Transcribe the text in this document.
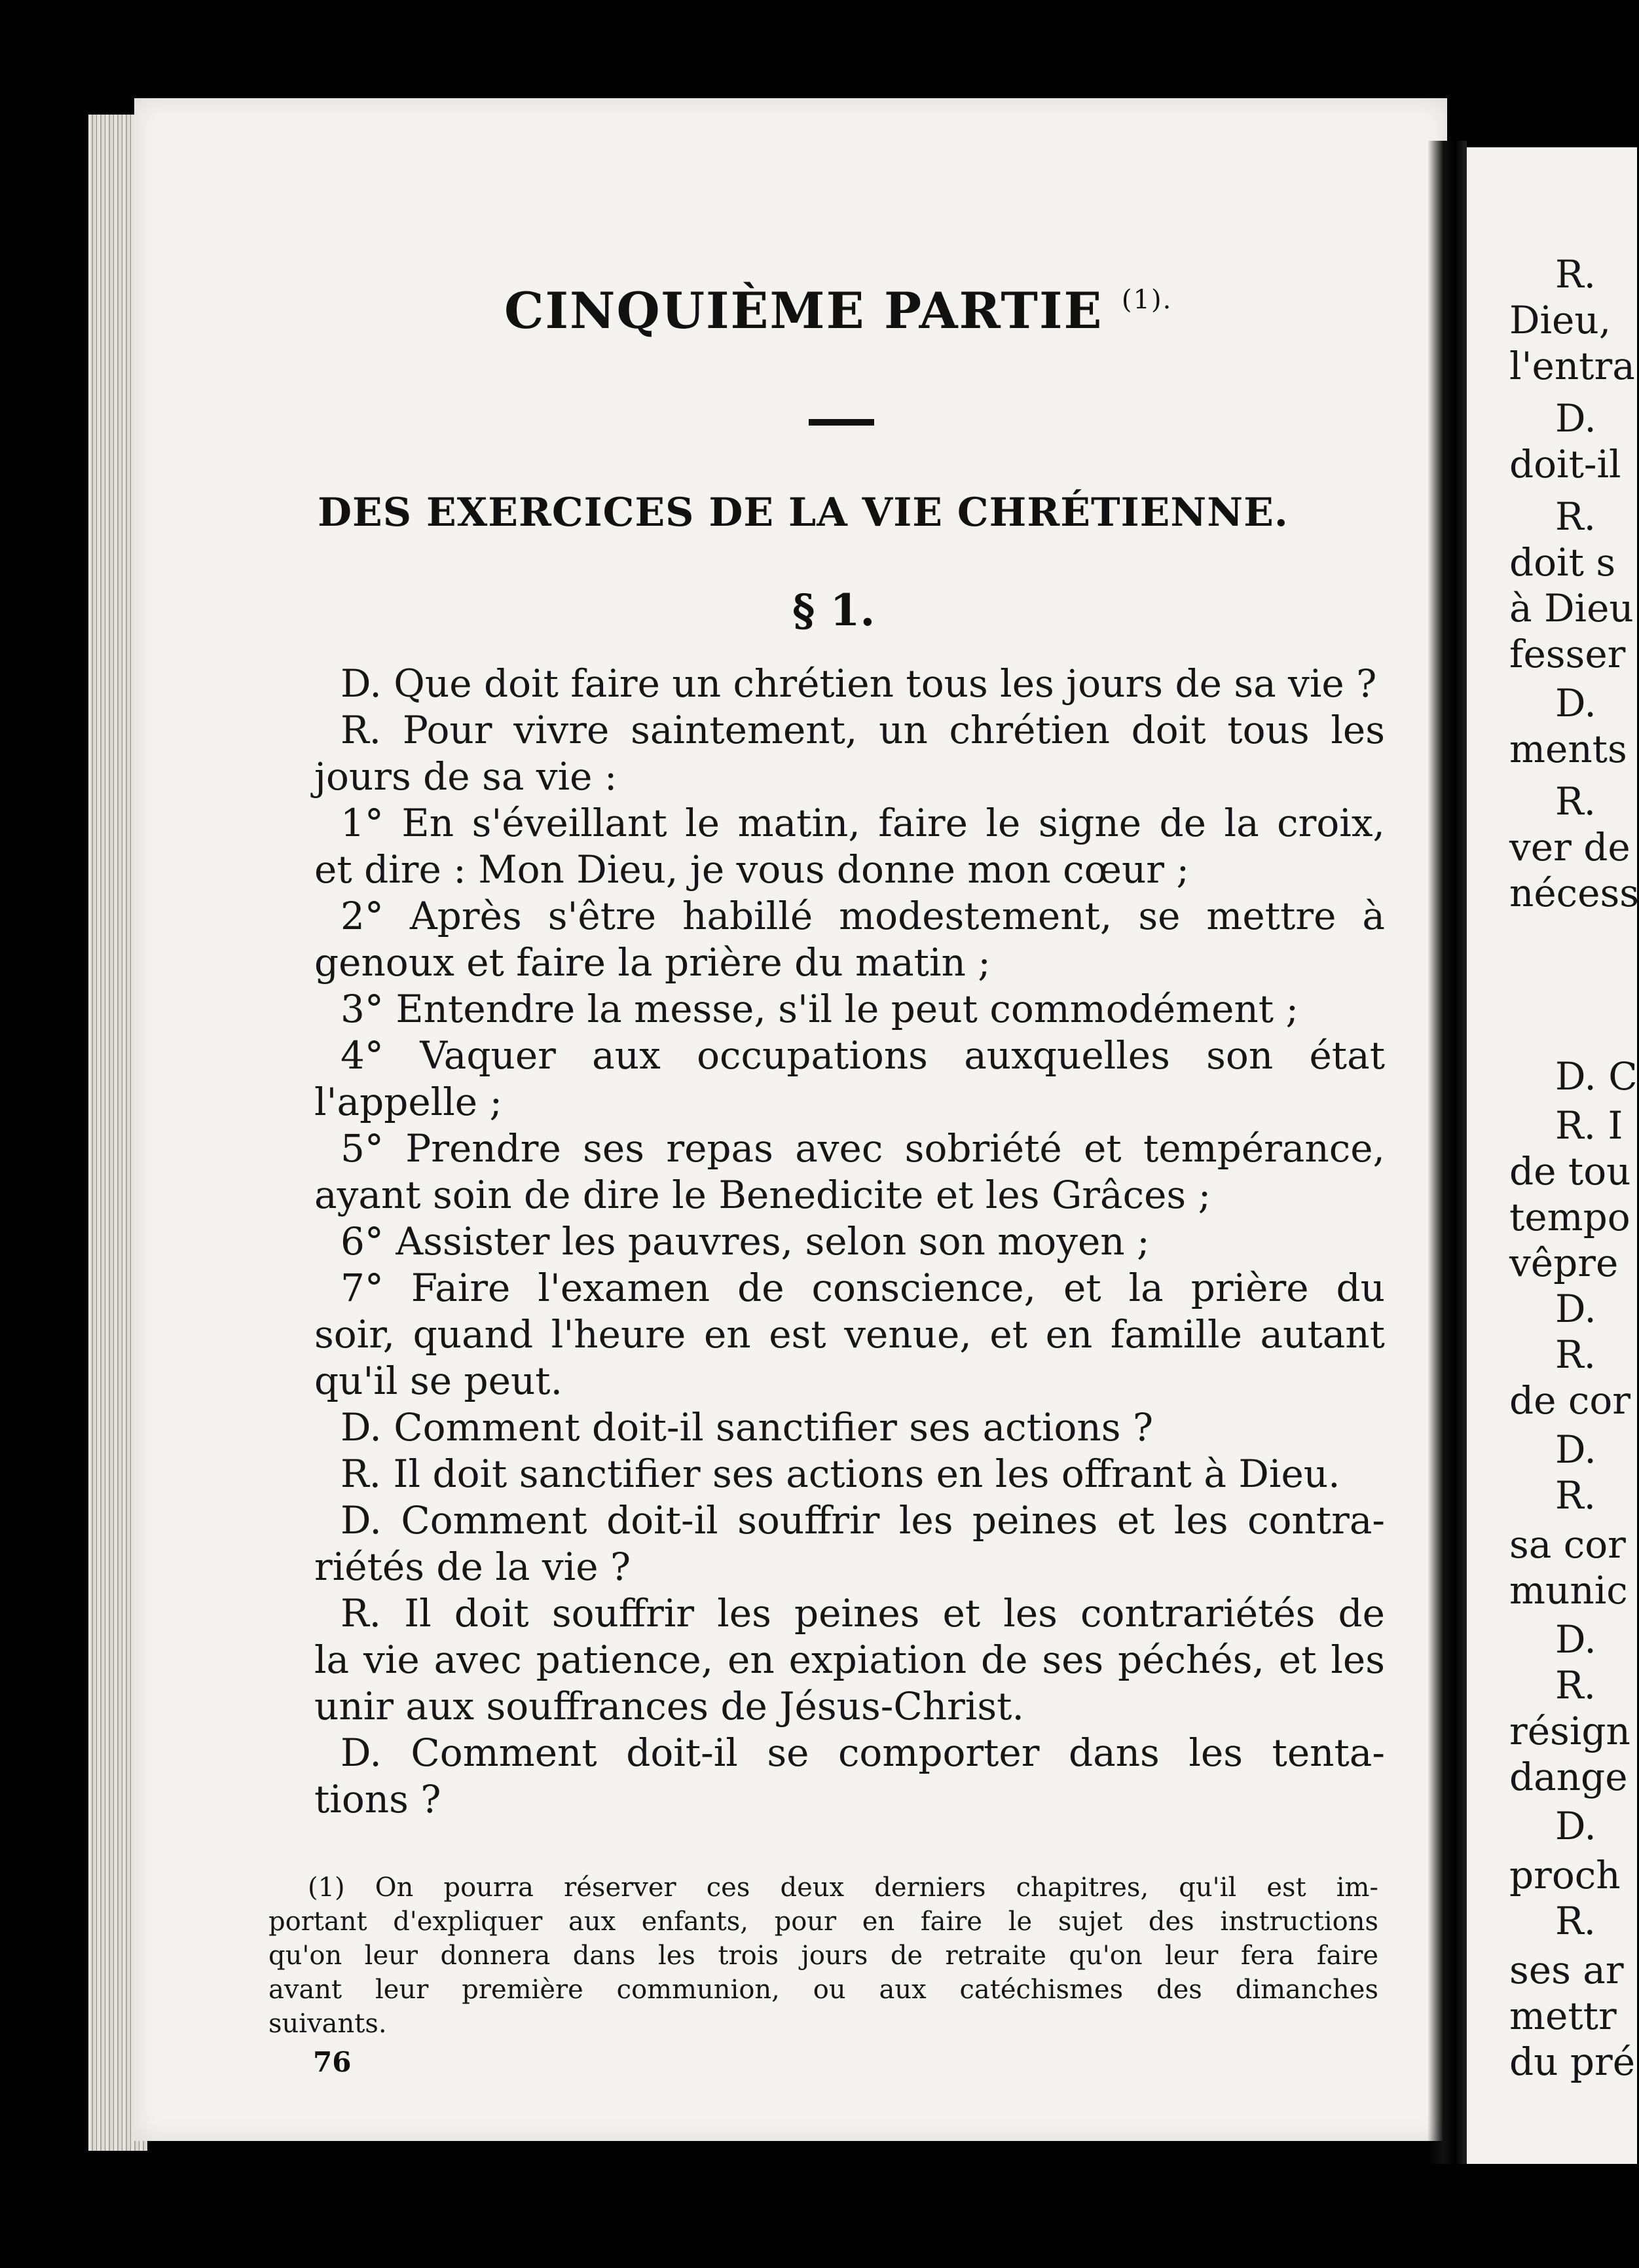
CINQUIÈME PARTIE $^{(1).}$
DES EXERCICES DE LA VIE CHRÉTIENNE.
§ 1.
D. Que doit faire un chrétien tous les jours de sa vie ?
R. Pour vivre saintement, un chrétien doit tous les
jours de sa vie :
1° En s'éveillant le matin, faire le signe de la croix,
et dire : Mon Dieu, je vous donne mon cœur ;
2° Après s'être habillé modestement, se mettre à
genoux et faire la prière du matin ;
3° Entendre la messe, s'il le peut commodément ;
4° Vaquer aux occupations auxquelles son état
l'appelle ;
5° Prendre ses repas avec sobriété et tempérance,
ayant soin de dire le Benedicite et les Grâces ;
6° Assister les pauvres, selon son moyen ;
7° Faire l'examen de conscience, et la prière du
soir, quand l'heure en est venue, et en famille autant
qu'il se peut.
D. Comment doit-il sanctifier ses actions ?
R. Il doit sanctifier ses actions en les offrant à Dieu.
D. Comment doit-il souffrir les peines et les contra-
riétés de la vie ?
R. Il doit souffrir les peines et les contrariétés de
la vie avec patience, en expiation de ses péchés, et les
unir aux souffrances de Jésus-Christ.
D. Comment doit-il se comporter dans les tenta-
tions ?
(1) On pourra réserver ces deux derniers chapitres, qu'il est im-
portant d'expliquer aux enfants, pour en faire le sujet des instructions
qu'on leur donnera dans les trois jours de retraite qu'on leur fera faire
avant leur première communion, ou aux catéchismes des dimanches
suivants.
76
R.
Dieu,
l'entra
D.
doit-il
R.
doit s
à Dieu
fesser
D.
ments
R.
ver de
nécess
D. C
R. I
de tou
tempo
vêpre
D.
R.
de cor
D.
R.
sa cor
munic
D.
R.
résign
dange
D.
proch
R.
ses ar
mettr
du pré
